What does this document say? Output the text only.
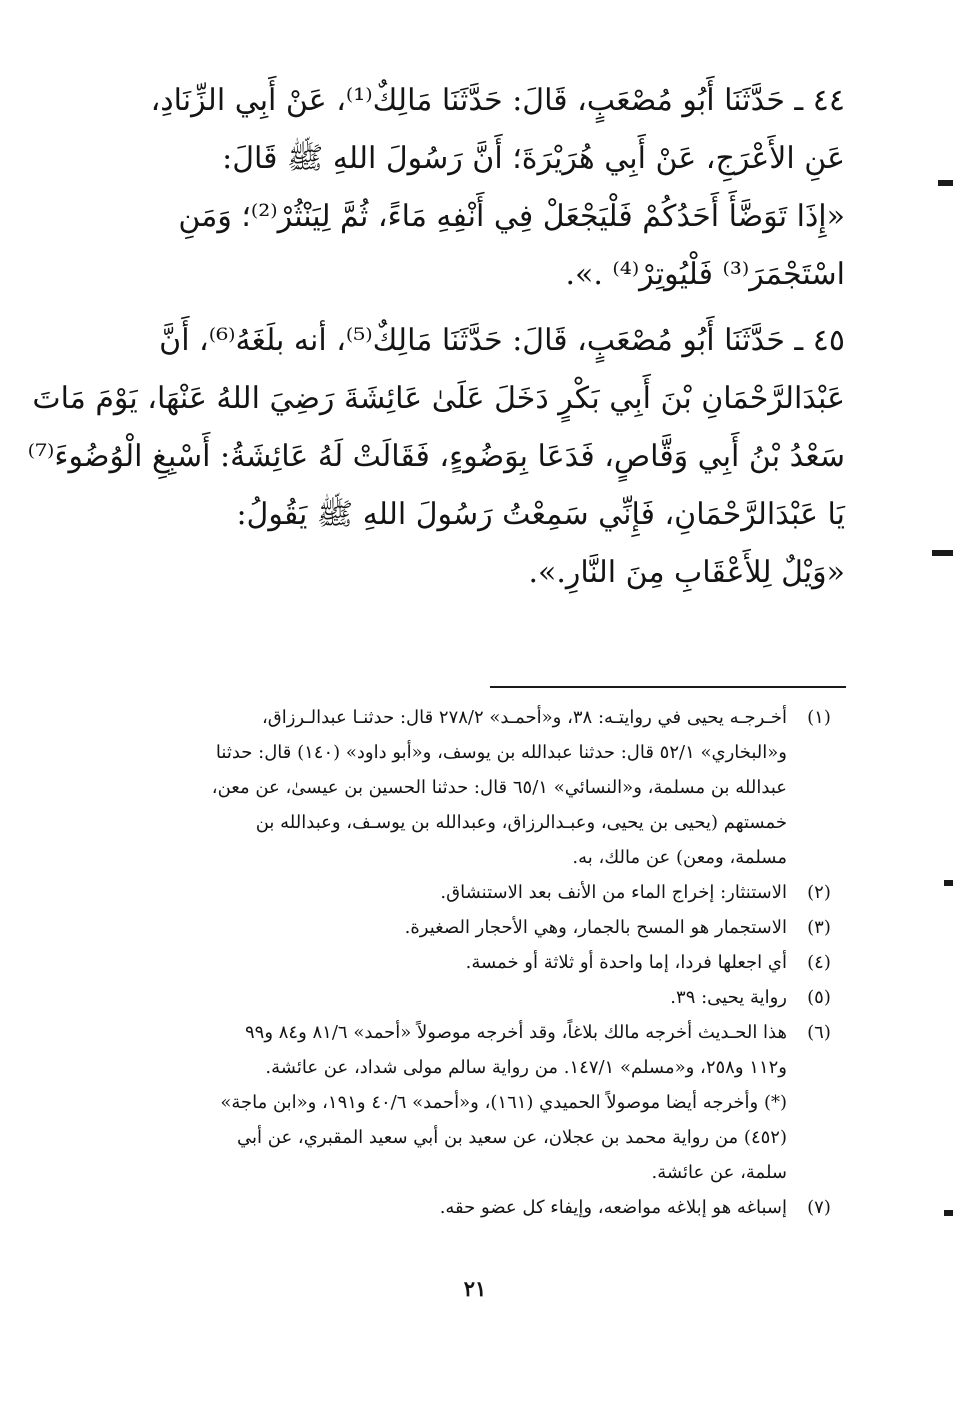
٤٤ ـ حَدَّثَنَا أَبُو مُصْعَبٍ، قَالَ: حَدَّثَنَا مَالِكٌ⁽¹⁾، عَنْ أَبِي الزِّنَادِ،
عَنِ الأَعْرَجِ، عَنْ أَبِي هُرَيْرَةَ؛ أَنَّ رَسُولَ اللهِ ﷺ قَالَ:
«إِذَا تَوَضَّأَ أَحَدُكُمْ فَلْيَجْعَلْ فِي أَنْفِهِ مَاءً، ثُمَّ لِيَنْثُرْ⁽²⁾؛ وَمَنِ
اسْتَجْمَرَ⁽³⁾ فَلْيُوتِرْ⁽⁴⁾ .».
٤٥ ـ حَدَّثَنَا أَبُو مُصْعَبٍ، قَالَ: حَدَّثَنَا مَالِكٌ⁽⁵⁾، أنه بلَغَهُ⁽⁶⁾، أَنَّ
عَبْدَالرَّحْمَانِ بْنَ أَبِي بَكْرٍ دَخَلَ عَلَىٰ عَائِشَةَ رَضِيَ اللهُ عَنْهَا، يَوْمَ مَاتَ
سَعْدُ بْنُ أَبِي وَقَّاصٍ، فَدَعَا بِوَضُوءٍ، فَقَالَتْ لَهُ عَائِشَةُ: أَسْبِغِ الْوُضُوءَ⁽⁷⁾
يَا عَبْدَالرَّحْمَانِ، فَإِنِّي سَمِعْتُ رَسُولَ اللهِ ﷺ يَقُولُ:
«وَيْلٌ لِلأَعْقَابِ مِنَ النَّارِ.».
(١)
أخـرجـه يحيى في روايتـه: ٣٨، و«أحمـد» ٢٧٨/٢ قال: حدثنـا عبدالـرزاق،
و«البخاري» ٥٢/١ قال: حدثنا عبدالله بن يوسف، و«أبو داود» (١٤٠) قال: حدثنا
عبدالله بن مسلمة، و«النسائي» ٦٥/١ قال: حدثنا الحسين بن عيسىٰ، عن معن،
خمستهم (يحيى بن يحيى، وعبـدالرزاق، وعبدالله بن يوسـف، وعبدالله بن
مسلمة، ومعن) عن مالك، به.
(٢)
الاستنثار: إخراج الماء من الأنف بعد الاستنشاق.
(٣)
الاستجمار هو المسح بالجمار، وهي الأحجار الصغيرة.
(٤)
أي اجعلها فردا، إما واحدة أو ثلاثة أو خمسة.
(٥)
رواية يحيى: ٣٩.
(٦)
هذا الحـديث أخرجه مالك بلاغاً، وقد أخرجه موصولاً «أحمد» ٨١/٦ و٨٤ و٩٩
و١١٢ و٢٥٨، و«مسلم» ١٤٧/١. من رواية سالم مولى شداد، عن عائشة.
(*) وأخرجه أيضا موصولاً الحميدي (١٦١)، و«أحمد» ٤٠/٦ و١٩١، و«ابن ماجة»
(٤٥٢) من رواية محمد بن عجلان، عن سعيد بن أبي سعيد المقبري، عن أبي
سلمة، عن عائشة.
(٧)
إسباغه هو إبلاغه مواضعه، وإيفاء كل عضو حقه.
٢١
